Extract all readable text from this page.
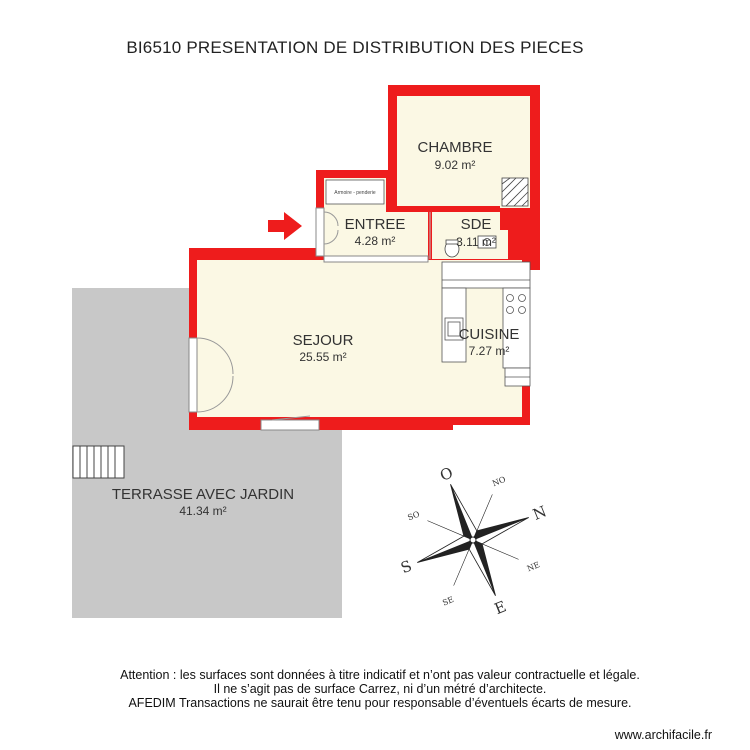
BI6510 PRESENTATION DE DISTRIBUTION DES PIECES
Armoire - penderie
CHAMBRE
9.02 m²
ENTREE
4.28 m²
SDE
3.11 m²
SEJOUR
25.55 m²
CUISINE
7.27 m²
TERRASSE AVEC JARDIN
41.34 m²
O
N
E
S
NO
NE
SE
SO
Attention : les surfaces sont données à titre indicatif et n’ont pas valeur contractuelle et légale.
Il ne s’agit pas de surface Carrez, ni d’un métré d’architecte.
AFEDIM Transactions ne saurait être tenu pour responsable d’éventuels écarts de mesure.
www.archifacile.fr
